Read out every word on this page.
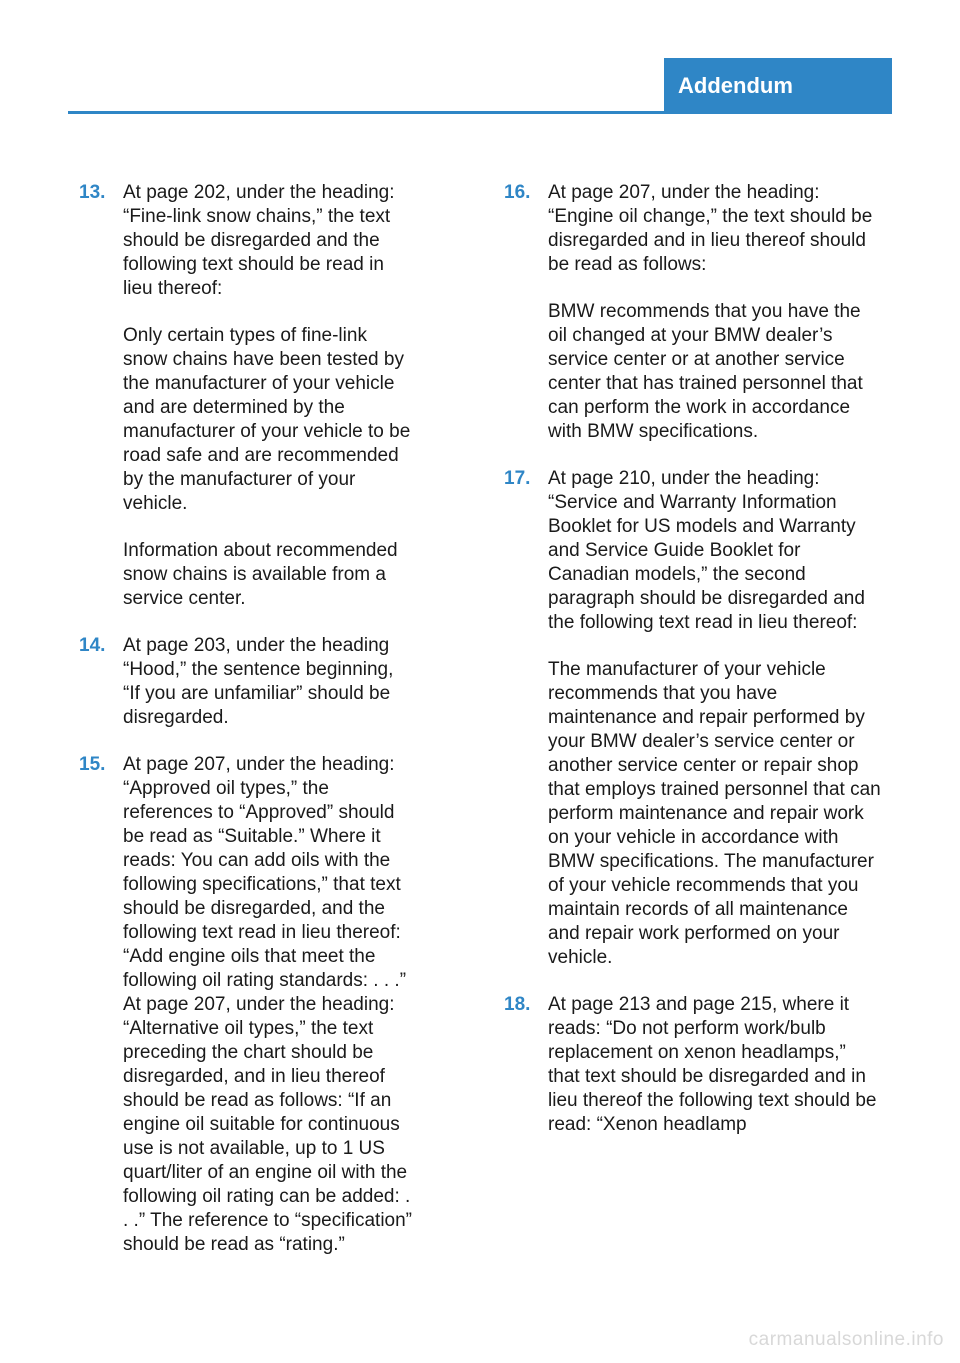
Addendum
13. At page 202, under the heading: “Fine-link snow chains,” the text should be disregarded and the following text should be read in lieu thereof:

Only certain types of fine-link snow chains have been tested by the manufacturer of your vehicle and are determined by the manufacturer of your vehicle to be road safe and are recommended by the manufacturer of your vehicle.

Information about recommended snow chains is available from a service center.

14. At page 203, under the heading “Hood,” the sentence beginning, “If you are unfamiliar” should be disregarded.

15. At page 207, under the heading: “Approved oil types,” the references to “Approved” should be read as “Suitable.” Where it reads: You can add oils with the following specifications,” that text should be disregarded, and the following text read in lieu thereof: “Add engine oils that meet the following oil rating standards: . . .” At page 207, under the heading: “Alternative oil types,” the text preceding the chart should be disregarded, and in lieu thereof should be read as follows: “If an engine oil suitable for continuous use is not available, up to 1 US quart/liter of an engine oil with the following oil rating can be added: . . .” The reference to “specification” should be read as “rating.”

16. At page 207, under the heading: “Engine oil change,” the text should be disregarded and in lieu thereof should be read as follows:

BMW recommends that you have the oil changed at your BMW dealer’s service center or at another service center that has trained personnel that can perform the work in accordance with BMW specifications.

17. At page 210, under the heading: “Service and Warranty Information Booklet for US models and Warranty and Service Guide Booklet for Canadian models,” the second paragraph should be disregarded and the following text read in lieu thereof:

The manufacturer of your vehicle recommends that you have maintenance and repair performed by your BMW dealer’s service center or another service center or repair shop that employs trained personnel that can perform maintenance and repair work on your vehicle in accordance with BMW specifications. The manufacturer of your vehicle recommends that you maintain records of all maintenance and repair work performed on your vehicle.

18. At page 213 and page 215, where it reads: “Do not perform work/bulb replacement on xenon headlamps,” that text should be disregarded and in lieu thereof the following text should be read: “Xenon headlamp

carmanualsonline.info
